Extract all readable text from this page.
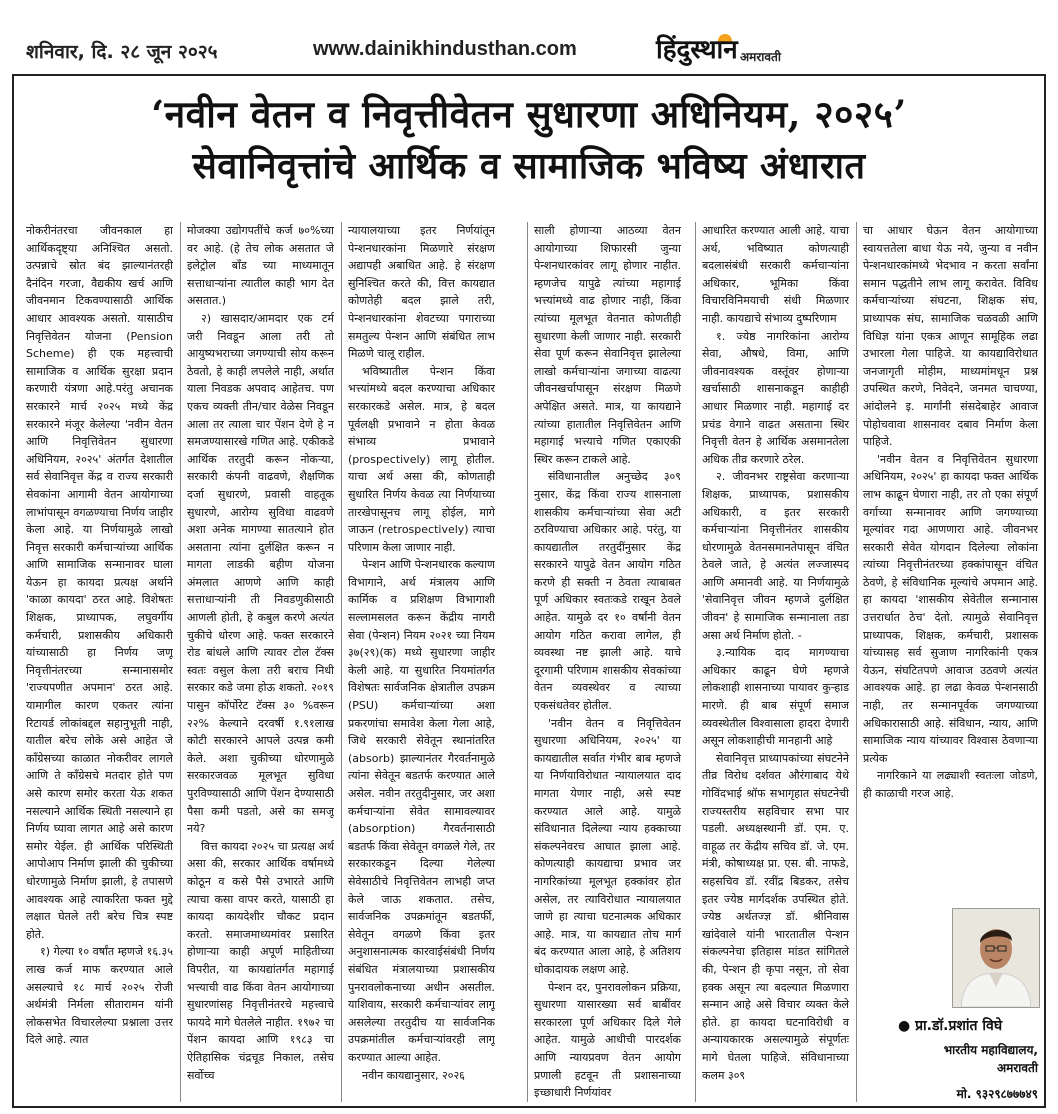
शनिवार, दि. २८ जून २०२५	www.dainikhindusthan.com	हिंदुस्थान अमरावती
‘नवीन वेतन व निवृत्तीवेतन सुधारणा अधिनियम, २०२५’
सेवानिवृत्तांचे आर्थिक व सामाजिक भविष्य अंधारात

नोकरीनंतरचा जीवनकाल हा आर्थिकदृष्ट्या अनिश्चित असतो. उत्पन्नाचे स्रोत बंद झाल्यानंतरही दैनंदिन गरजा, वैद्यकीय खर्च आणि जीवनमान टिकवण्यासाठी आर्थिक आधार आवश्यक असतो. यासाठीच निवृत्तिवेतन योजना (Pension Scheme) ही एक महत्त्वाची सामाजिक व आर्थिक सुरक्षा प्रदान करणारी यंत्रणा आहे.परंतु अचानक सरकारने मार्च २०२५ मध्ये केंद्र सरकारने मंजूर केलेल्या 'नवीन वेतन आणि निवृत्तिवेतन सुधारणा अधिनियम, २०२५' अंतर्गत देशातील सर्व सेवानिवृत्त केंद्र व राज्य सरकारी सेवकांना आगामी वेतन आयोगाच्या लाभांपासून वगळण्याचा निर्णय जाहीर केला आहे. या निर्णयामुळे लाखो निवृत्त सरकारी कर्मचाऱ्यांच्या आर्थिक आणि सामाजिक सन्मानावर घाला येऊन हा कायदा प्रत्यक्ष अर्थाने 'काळा कायदा' ठरत आहे. विशेषतः शिक्षक, प्राध्यापक, लघुवर्गीय कर्मचारी, प्रशासकीय अधिकारी यांच्यासाठी हा निर्णय जणू निवृत्तीनंतरच्या सन्मानासमोर 'राज्यपणीत अपमान' ठरत आहे. यामागील कारण एकतर त्यांना रिटायर्ड लोकांबद्दल सहानुभूती नाही, यातील बरेच लोके असे आहेत जे काँग्रेसच्या काळात नोकरीवर लागले आणि ते काँग्रेसचे मतदार होते पण असे कारण समोर करता येऊ शकत नसल्याने आर्थिक स्थिती नसल्याने हा निर्णय घ्यावा लागत आहे असे कारण समोर येईल. ही आर्थिक परिस्थिती आपोआप निर्माण झाली की चुकीच्या धोरणामुळे निर्माण झाली, हे तपासणे आवश्यक आहे त्याकरिता फक्त मुद्दे लक्षात घेतले तरी बरेच चित्र स्पष्ट होते.

१) गेल्या १० वर्षांत म्हणजे १६.३५ लाख कर्ज माफ करण्यात आले असल्याचे १८ मार्च २०२५ रोजी अर्थमंत्री निर्मला सीतारामन यांनी लोकसभेत विचारलेल्या प्रश्नाला उत्तर दिले आहे. त्यात

मोजक्या उद्योगपतींचे कर्ज ७०%च्या वर आहे. (हे तेच लोक असतात जे इलेट्रोल बाँड च्या माध्यमातून सत्ताधाऱ्यांना त्यातील काही भाग देत असतात.)

२) खासदार/आमदार एक टर्म जरी निवडून आला तरी तो आयुष्यभराच्या जगण्याची सोय करून ठेवतो, हे काही लपलेले नाही, अर्थात याला निवडक अपवाद आहेतच. पण एकच व्यक्ती तीन/चार वेळेस निवडून आला तर त्याला चार पेंशन देणे हे न समजण्यासारखे गणित आहे. एकीकडे आर्थिक तरतुदी करून नोकऱ्या, सरकारी कंपनी वाढवणे, शैक्षणिक दर्जा सुधारणे, प्रवासी वाहतूक सुधारणे, आरोग्य सुविधा वाढवणे अशा अनेक मागण्या सातत्याने होत असताना त्यांना दुर्लक्षित करून न मागता लाडकी बहीण योजना अंमलात आणणे आणि काही सत्ताधाऱ्यांनी ती निवडणुकीसाठी आणली होती, हे कबुल करणे अत्यंत चुकीचे धोरण आहे. फक्त सरकारने रोड बांधले आणि त्यावर टोल टॅक्स स्वतः वसुल केला तरी बराच निधी सरकार कडे जमा होऊ शकतो. २०१९ पासुन कॉर्पोरेट टॅक्स ३० %वरून २२% केल्याने दरवर्षी १.९१लाख कोटी सरकारने आपले उत्पन्न कमी केले. अशा चुकीच्या धोरणामुळे सरकारजवळ मूलभूत सुविधा पुरविण्यासाठी आणि पेंशन देण्यासाठी पैसा कमी पडतो, असे का समजू नये?

वित्त कायदा २०२५ चा प्रत्यक्ष अर्थ असा की, सरकार आर्थिक वर्षामध्ये कोठून व कसे पैसे उभारते आणि त्याचा कसा वापर करते, यासाठी हा कायदा कायदेशीर चौकट प्रदान करतो. समाजमाध्यमांवर प्रसारित होणाऱ्या काही अपूर्ण माहितीच्या विपरीत, या कायद्यांतर्गत महागाई भत्त्याची वाढ किंवा वेतन आयोगाच्या सुधारणांसह निवृत्तीनंतरचे महत्त्वाचे फायदे मागे घेतलेले नाहीत. १९७२ चा पेंशन कायदा आणि १९८३ चा ऐतिहासिक चंद्रचूड निकाल, तसेच सर्वोच्च

न्यायालयाच्या इतर निर्णयांतून पेन्शनधारकांना मिळणारे संरक्षण अद्यापही अबाधित आहे. हे संरक्षण सुनिश्चित करते की, वित्त कायद्यात कोणतेही बदल झाले तरी, पेन्शनधारकांना शेवटच्या पगाराच्या समतुल्य पेन्शन आणि संबंधित लाभ मिळणे चालू राहील.

भविष्यातील पेन्शन किंवा भत्त्यांमध्ये बदल करण्याचा अधिकार सरकारकडे असेल. मात्र, हे बदल पूर्वलक्षी प्रभावाने न होता केवळ संभाव्य प्रभावाने (prospectively) लागू होतील. याचा अर्थ असा की, कोणताही सुधारित निर्णय केवळ त्या निर्णयाच्या तारखेपासूनच लागू होईल, मागे जाऊन (retrospectively) त्याचा परिणाम केला जाणार नाही.

पेन्शन आणि पेन्शनधारक कल्याण विभागाने, अर्थ मंत्रालय आणि कार्मिक व प्रशिक्षण विभागाशी सल्लामसलत करून केंद्रीय नागरी सेवा (पेन्शन) नियम २०२१ च्या नियम ३७(२९)(क) मध्ये सुधारणा जाहीर केली आहे. या सुधारित नियमांतर्गत विशेषतः सार्वजनिक क्षेत्रातील उपक्रम (PSU) कर्मचाऱ्यांच्या अशा प्रकरणांचा समावेश केला गेला आहे, जिथे सरकारी सेवेतून स्थानांतरित (absorb) झाल्यानंतर गैरवर्तनामुळे त्यांना सेवेतून बडतर्फ करण्यात आले असेल. नवीन तरतुदीनुसार, जर अशा कर्मचाऱ्यांना सेवेत सामावल्यावर (absorption) गैरवर्तनासाठी बडतर्फ किंवा सेवेतून वगळले गेले, तर सरकारकडून दिल्या गेलेल्या सेवेसाठीचे निवृत्तिवेतन लाभही जप्त केले जाऊ शकतात. तसेच, सार्वजनिक उपक्रमांतून बडतर्फी, सेवेतून वगळणे किंवा इतर अनुशासनात्मक कारवाईसंबंधी निर्णय संबंधित मंत्रालयाच्या प्रशासकीय पुनरावलोकनाच्या अधीन असतील. याशिवाय, सरकारी कर्मचाऱ्यांवर लागू असलेल्या तरतुदीच या सार्वजनिक उपक्रमांतील कर्मचाऱ्यांवरही लागू करण्यात आल्या आहेत.

नवीन कायद्यानुसार, २०२६

साली होणाऱ्या आठव्या वेतन आयोगाच्या शिफारसी जुन्या पेन्शनधारकांवर लागू होणार नाहीत. म्हणजेच यापुढे त्यांच्या महागाई भत्त्यांमध्ये वाढ होणार नाही, किंवा त्यांच्या मूलभूत वेतनात कोणतीही सुधारणा केली जाणार नाही. सरकारी सेवा पूर्ण करून सेवानिवृत्त झालेल्या लाखो कर्मचाऱ्यांना जगाच्या वाढत्या जीवनखर्चापासून संरक्षण मिळणे अपेक्षित असते. मात्र, या कायद्याने त्यांच्या हातातील निवृत्तिवेतन आणि महागाई भत्त्याचे गणित एकाएकी स्थिर करून टाकले आहे.

संविधानातील अनुच्छेद ३०९ नुसार, केंद्र किंवा राज्य शासनाला शासकीय कर्मचाऱ्यांच्या सेवा अटी ठरविण्याचा अधिकार आहे. परंतु, या कायद्यातील तरतुदींनुसार केंद्र सरकारने यापुढे वेतन आयोग गठित करणे ही सक्ती न ठेवता त्याबाबत पूर्ण अधिकार स्वतःकडे राखून ठेवले आहेत. यामुळे दर १० वर्षांनी वेतन आयोग गठित करावा लागेल, ही व्यवस्था नष्ट झाली आहे. याचे दूरगामी परिणाम शासकीय सेवकांच्या वेतन व्यवस्थेवर व त्याच्या एकसंधतेवर होतील.

'नवीन वेतन व निवृत्तिवेतन सुधारणा अधिनियम, २०२५' या कायद्यातील सर्वात गंभीर बाब म्हणजे या निर्णयाविरोधात न्यायालयात दाद मागता येणार नाही, असे स्पष्ट करण्यात आले आहे. यामुळे संविधानात दिलेल्या न्याय हक्काच्या संकल्पनेवरच आघात झाला आहे. कोणत्याही कायद्याचा प्रभाव जर नागरिकांच्या मूलभूत हक्कांवर होत असेल, तर त्याविरोधात न्यायालयात जाणे हा त्याचा घटनात्मक अधिकार आहे. मात्र, या कायद्यात तोच मार्ग बंद करण्यात आला आहे, हे अतिशय धोकादायक लक्षण आहे.

पेन्शन दर, पुनरावलोकन प्रक्रिया, सुधारणा यासारख्या सर्व बाबींवर सरकारला पूर्ण अधिकार दिले गेले आहेत. यामुळे आधीची पारदर्शक आणि न्यायप्रवण वेतन आयोग प्रणाली हटवून ती प्रशासनाच्या इच्छाधारी निर्णयांवर

आधारित करण्यात आली आहे. याचा अर्थ, भविष्यात कोणत्याही बदलासंबंधी सरकारी कर्मचाऱ्यांना अधिकार, भूमिका किंवा विचारविनिमयाची संधी मिळणार नाही. कायद्याचे संभाव्य दुष्परिणाम

१. ज्येष्ठ नागरिकांना आरोग्य सेवा, औषधे, विमा, आणि जीवनावश्यक वस्तूंवर होणाऱ्या खर्चासाठी शासनाकडून काहीही आधार मिळणार नाही. महागाई दर प्रचंड वेगाने वाढत असताना स्थिर निवृत्ती वेतन हे आर्थिक असमानतेला अधिक तीव्र करणारे ठरेल.

२. जीवनभर राष्ट्रसेवा करणाऱ्या शिक्षक, प्राध्यापक, प्रशासकीय अधिकारी, व इतर सरकारी कर्मचाऱ्यांना निवृत्तीनंतर शासकीय धोरणामुळे वेतनसमानतेपासून वंचित ठेवले जाते, हे अत्यंत लज्जास्पद आणि अमानवी आहे. या निर्णयामुळे 'सेवानिवृत्त जीवन म्हणजे दुर्लक्षित जीवन' हे सामाजिक सन्मानाला तडा असा अर्थ निर्माण होतो. -

३.न्यायिक दाद मागण्याचा अधिकार काढून घेणे म्हणजे लोकशाही शासनाच्या पायावर कुऱ्हाड मारणे. ही बाब संपूर्ण समाज व्यवस्थेतील विश्वासाला हादरा देणारी असून लोकशाहीची मानहानी आहे

सेवानिवृत्त प्राध्यापकांच्या संघटनेने तीव्र विरोध दर्शवत औरंगाबाद येथे गोविंदभाई श्रॉफ सभागृहात संघटनेची राज्यस्तरीय सहविचार सभा पार पडली. अध्यक्षस्थानी डॉ. एम. ए. वाहूळ तर केंद्रीय सचिव डॉ. जे. एम. मंत्री, कोषाध्यक्ष प्रा. एस. बी. नाफडे, सहसचिव डॉ. रवींद्र बिडकर, तसेच इतर ज्येष्ठ मार्गदर्शक उपस्थित होते. ज्येष्ठ अर्थतज्ज्ञ डॉ. श्रीनिवास खांदेवाले यांनी भारतातील पेन्शन संकल्पनेचा इतिहास मांडत सांगितले की, पेन्शन ही कृपा नसून, तो सेवा हक्क असून त्या बदल्यात मिळणारा सन्मान आहे असे विचार व्यक्त केले होते. हा कायदा घटनाविरोधी व अन्यायकारक असल्यामुळे संपूर्णतः मागे घेतला पाहिजे. संविधानाच्या कलम ३०९

चा आधार घेऊन वेतन आयोगाच्या स्वायत्ततेला बाधा येऊ नये, जुन्या व नवीन पेन्शनधारकांमध्ये भेदभाव न करता सर्वांना समान पद्धतीने लाभ लागू करावेत. विविध कर्मचाऱ्यांच्या संघटना, शिक्षक संघ, प्राध्यापक संघ, सामाजिक चळवळी आणि विधिज्ञ यांना एकत्र आणून सामूहिक लढा उभारला गेला पाहिजे. या कायद्याविरोधात जनजागृती मोहीम, माध्यमांमधून प्रश्न उपस्थित करणे, निवेदने, जनमत चाचण्या, आंदोलने इ. मार्गांनी संसदेबाहेर आवाज पोहोचवावा शासनावर दबाव निर्माण केला पाहिजे.

'नवीन वेतन व निवृत्तिवेतन सुधारणा अधिनियम, २०२५' हा कायदा फक्त आर्थिक लाभ काढून घेणारा नाही, तर तो एका संपूर्ण वर्गाच्या सन्मानावर आणि जगण्याच्या मूल्यांवर गदा आणणारा आहे. जीवनभर सरकारी सेवेत योगदान दिलेल्या लोकांना त्यांच्या निवृत्तीनंतरच्या हक्कांपासून वंचित ठेवणे, हे संविधानिक मूल्यांचे अपमान आहे. हा कायदा 'शासकीय सेवेतील सन्मानास उत्तरार्धात ठेच' देतो. त्यामुळे सेवानिवृत्त प्राध्यापक, शिक्षक, कर्मचारी, प्रशासक यांच्यासह सर्व सुजाण नागरिकांनी एकत्र येऊन, संघटितपणे आवाज उठवणे अत्यंत आवश्यक आहे. हा लढा केवळ पेन्शनसाठी नाही, तर सन्मानपूर्वक जगण्याच्या अधिकारासाठी आहे. संविधान, न्याय, आणि सामाजिक न्याय यांच्यावर विश्वास ठेवणाऱ्या प्रत्येक

नागरिकाने या लढ्याशी स्वतःला जोडणे, ही काळाची गरज आहे.

● प्रा.डॉ.प्रशांत विघे
भारतीय महाविद्यालय,
अमरावती
मो. ९३२९८७७७४९
